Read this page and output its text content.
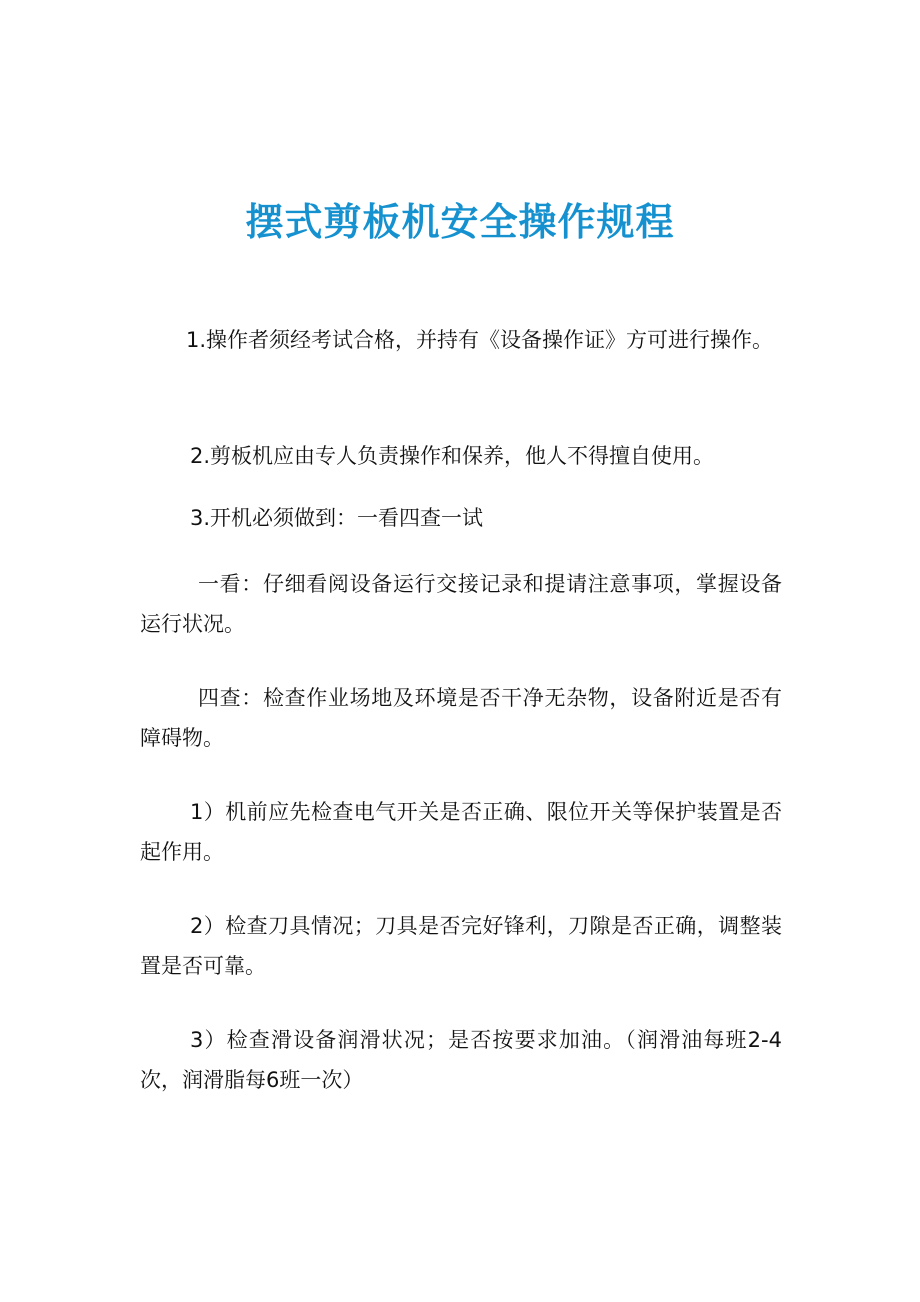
摆式剪板机安全操作规程

1.操作者须经考试合格，并持有《设备操作证》方可进行操作。

2.剪板机应由专人负责操作和保养，他人不得擅自使用。

3.开机必须做到：一看四查一试

一看：仔细看阅设备运行交接记录和提请注意事项，掌握设备运行状况。

四查：检查作业场地及环境是否干净无杂物，设备附近是否有障碍物。

1）机前应先检查电气开关是否正确、限位开关等保护装置是否起作用。

2）检查刀具情况；刀具是否完好锋利，刀隙是否正确，调整装置是否可靠。

3）检查滑设备润滑状况；是否按要求加油。（润滑油每班2-4次，润滑脂每6班一次）
